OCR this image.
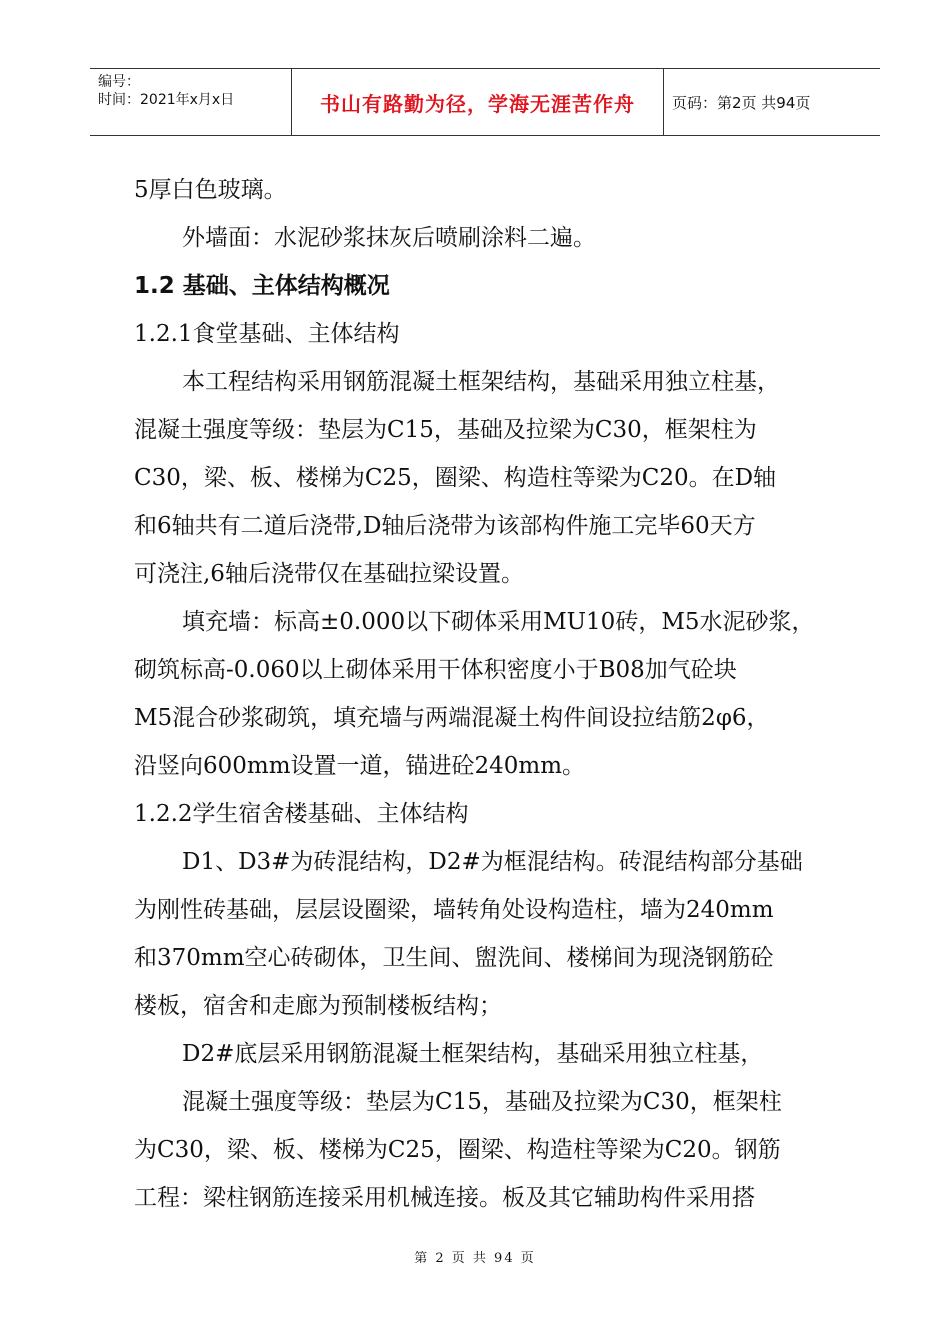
编号：
时间：2021年x月x日	书山有路勤为径，学海无涯苦作舟	页码：第2页 共94页
5厚白色玻璃。
外墙面：水泥砂浆抹灰后喷刷涂料二遍。
1.2 基础、主体结构概况
1.2.1食堂基础、主体结构
本工程结构采用钢筋混凝土框架结构，基础采用独立柱基，
混凝土强度等级：垫层为C15，基础及拉梁为C30，框架柱为
C30，梁、板、楼梯为C25，圈梁、构造柱等梁为C20。在D轴
和6轴共有二道后浇带,D轴后浇带为该部构件施工完毕60天方
可浇注,6轴后浇带仅在基础拉梁设置。
填充墙：标高±0.000以下砌体采用MU10砖，M5水泥砂浆，
砌筑标高-0.060以上砌体采用干体积密度小于B08加气砼块
M5混合砂浆砌筑，填充墙与两端混凝土构件间设拉结筋2φ6，
沿竖向600mm设置一道，锚进砼240mm。
1.2.2学生宿舍楼基础、主体结构
D1、D3#为砖混结构，D2#为框混结构。砖混结构部分基础
为刚性砖基础，层层设圈梁，墙转角处设构造柱，墙为240mm
和370mm空心砖砌体，卫生间、盥洗间、楼梯间为现浇钢筋砼
楼板，宿舍和走廊为预制楼板结构；
D2#底层采用钢筋混凝土框架结构，基础采用独立柱基，
混凝土强度等级：垫层为C15，基础及拉梁为C30，框架柱
为C30，梁、板、楼梯为C25，圈梁、构造柱等梁为C20。钢筋
工程：梁柱钢筋连接采用机械连接。板及其它辅助构件采用搭
第 2 页 共 94 页
